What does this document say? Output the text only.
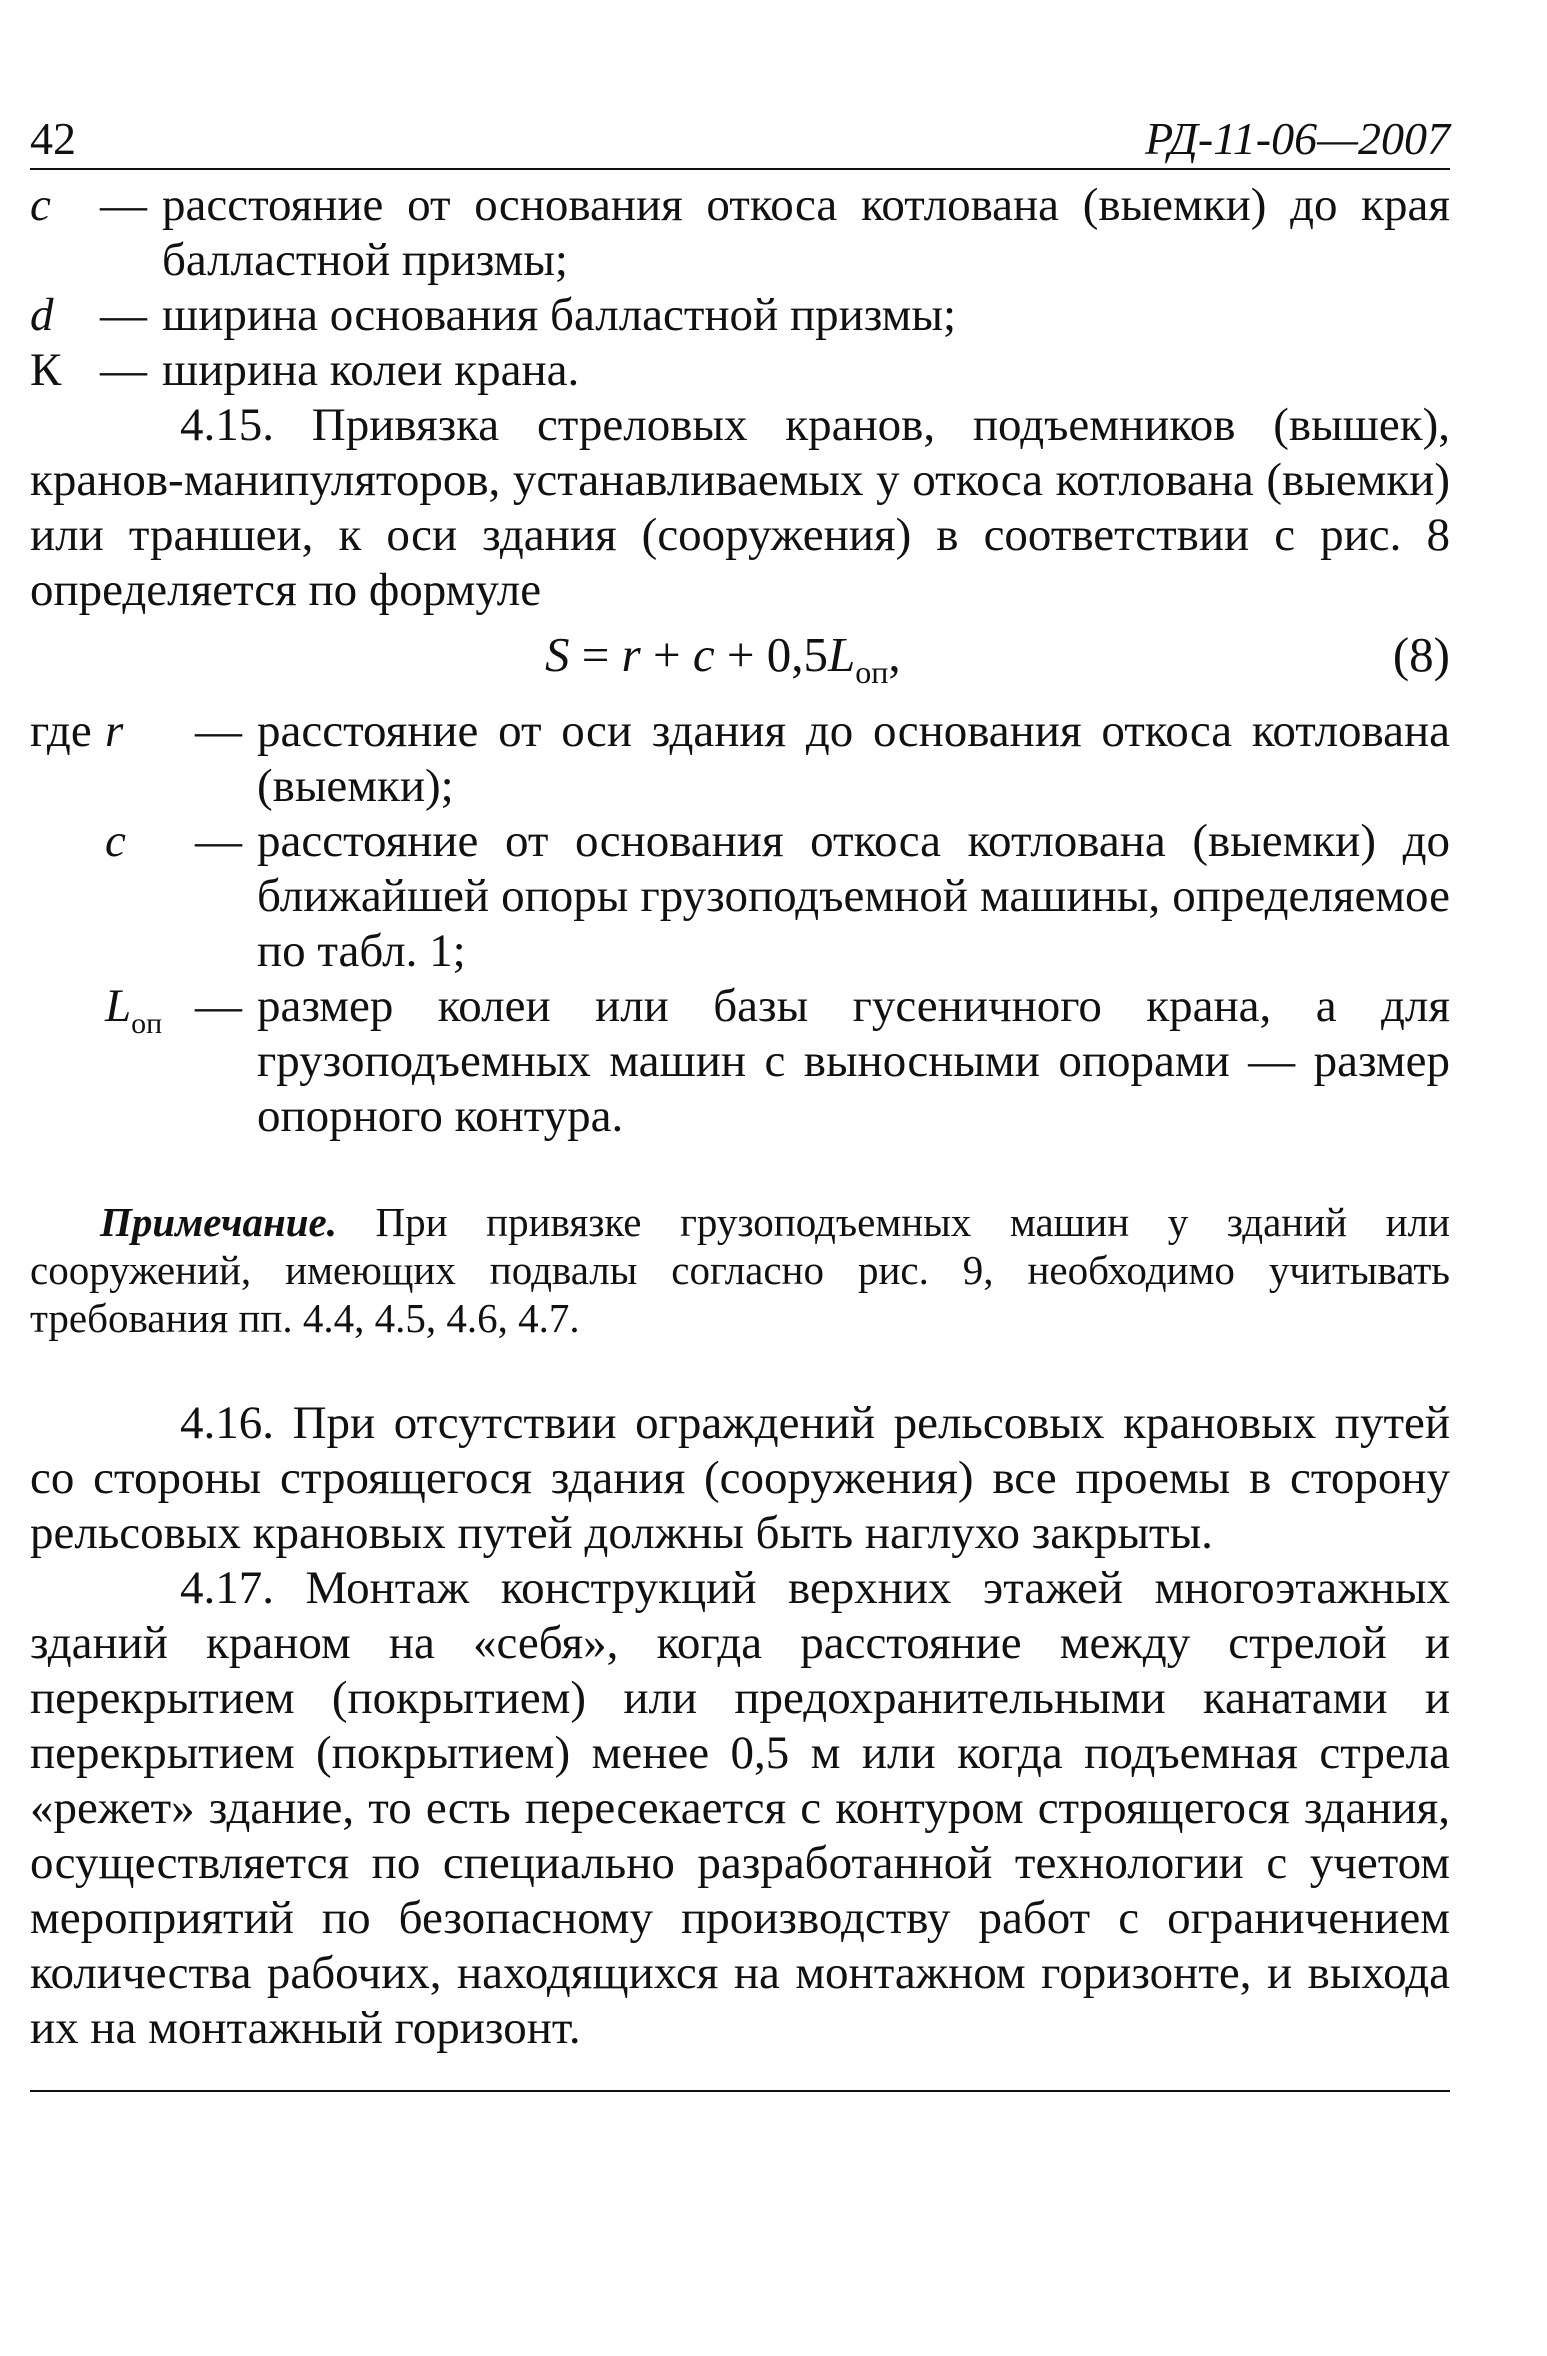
42	РД-11-06—2007
c	— расстояние от основания откоса котлована (выемки) до края балластной призмы;
d — ширина основания балластной призмы;
К — ширина колеи крана.

4.15. Привязка стреловых кранов, подъемников (вышек), кранов-манипуляторов, устанавливаемых у откоса котлована (выемки) или траншеи, к оси здания (сооружения) в соответствии с рис. 8 определяется по формуле

$S = r + c + 0,5L_{оп}$,	(8)
где r	— расстояние от оси здания до основания откоса котлована (выемки);
c	— расстояние от основания откоса котлована (выемки) до ближайшей опоры грузоподъемной машины, определяемое по табл. 1;
$L_{оп}$ — размер колеи или базы гусеничного крана, а для грузоподъемных машин с выносными опорами — размер опорного контура.
Примечание. При привязке грузоподъемных машин у зданий или сооружений, имеющих подвалы согласно рис. 9, необходимо учитывать требования пп. 4.4, 4.5, 4.6, 4.7.

4.16. При отсутствии ограждений рельсовых крановых путей со стороны строящегося здания (сооружения) все проемы в сторону рельсовых крановых путей должны быть наглухо закрыты.

4.17. Монтаж конструкций верхних этажей многоэтажных зданий краном на «себя», когда расстояние между стрелой и перекрытием (покрытием) или предохранительными канатами и перекрытием (покрытием) менее 0,5 м или когда подъемная стрела «режет» здание, то есть пересекается с контуром строящегося здания, осуществляется по специально разработанной технологии с учетом мероприятий по безопасному производству работ с ограничением количества рабочих, находящихся на монтажном горизонте, и выхода их на монтажный горизонт.
